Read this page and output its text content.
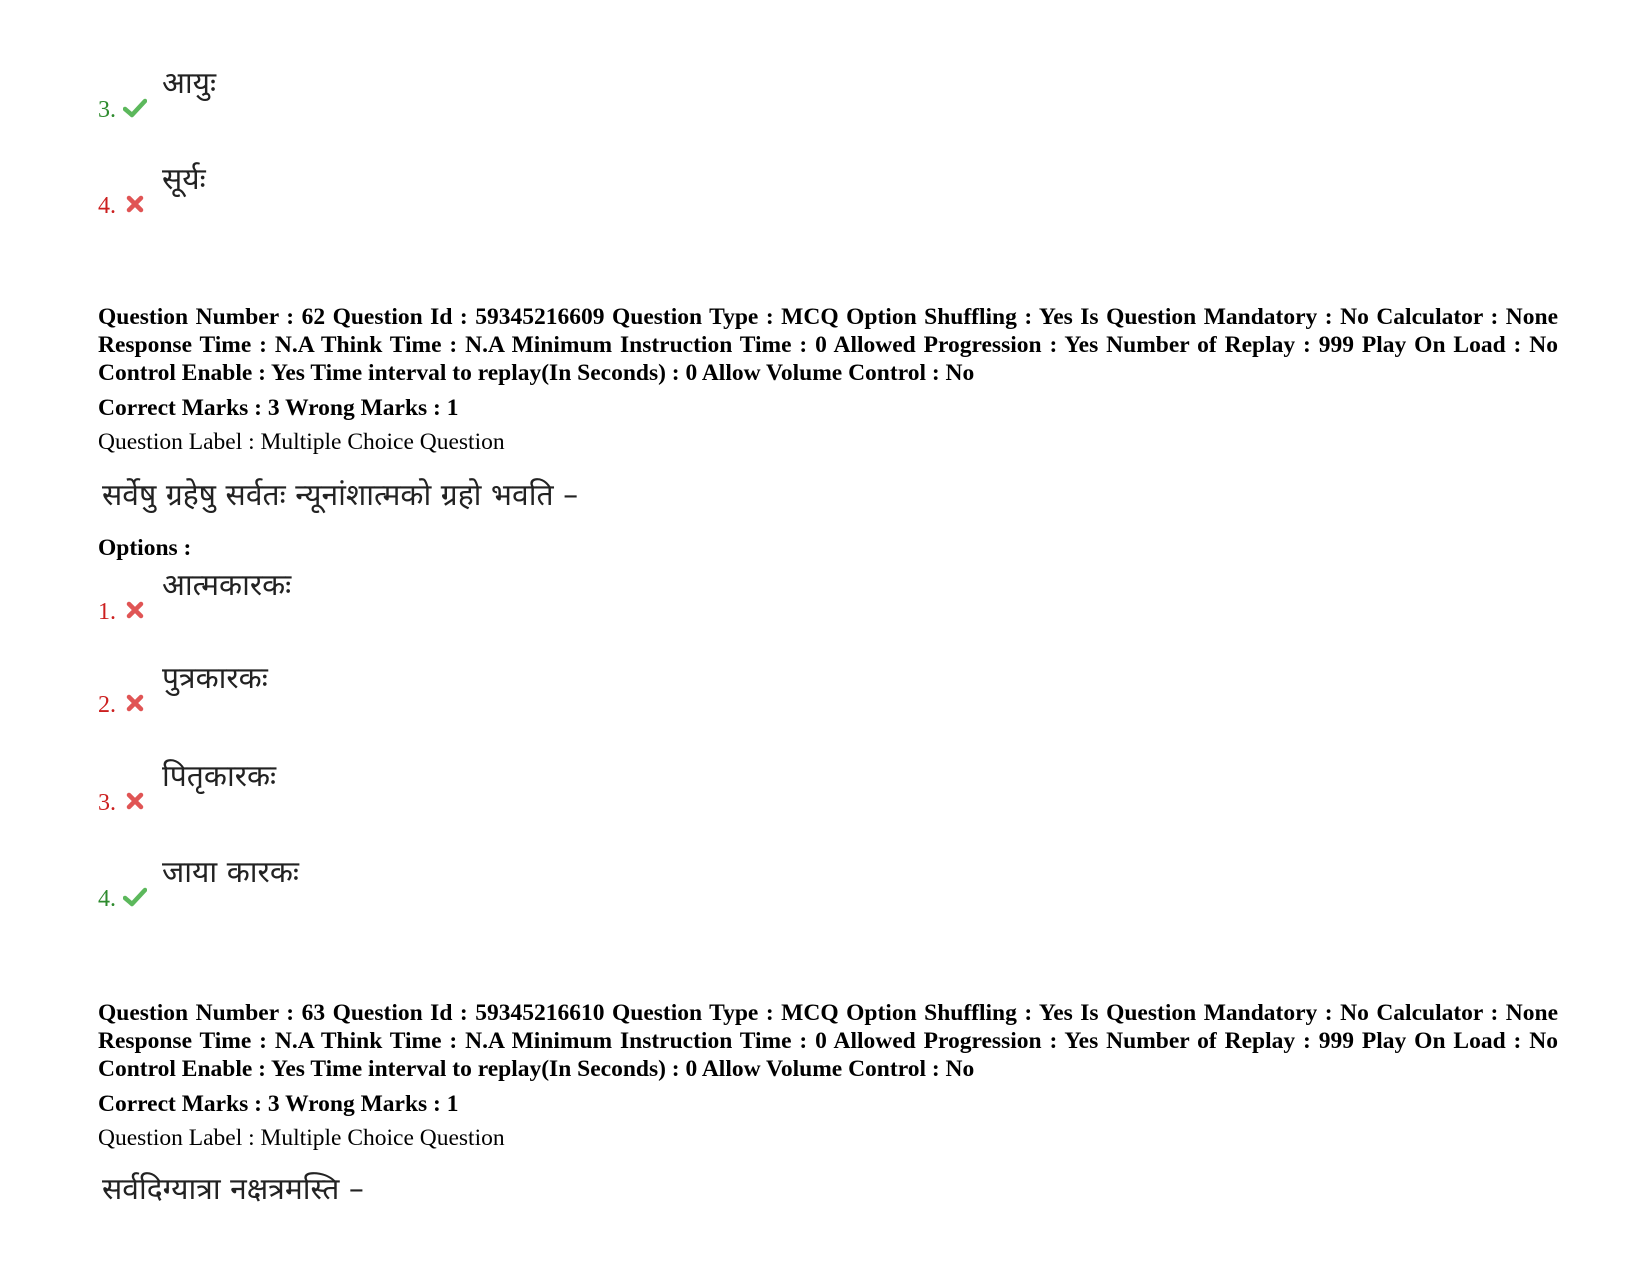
3.
आयुः
4.
सूर्यः
Question Number : 62 Question Id : 59345216609 Question Type : MCQ Option Shuffling : Yes Is Question Mandatory : No Calculator : None Response Time : N.A Think Time : N.A Minimum Instruction Time : 0 Allowed Progression : Yes Number of Replay : 999 Play On Load : No Control Enable : Yes Time interval to replay(In Seconds) : 0 Allow Volume Control : No
Correct Marks : 3 Wrong Marks : 1
Question Label : Multiple Choice Question
सर्वेषु ग्रहेषु सर्वतः न्यूनांशात्मको ग्रहो भवति –
Options :
1.
आत्मकारकः
2.
पुत्रकारकः
3.
पितृकारकः
4.
जाया कारकः
Question Number : 63 Question Id : 59345216610 Question Type : MCQ Option Shuffling : Yes Is Question Mandatory : No Calculator : None Response Time : N.A Think Time : N.A Minimum Instruction Time : 0 Allowed Progression : Yes Number of Replay : 999 Play On Load : No Control Enable : Yes Time interval to replay(In Seconds) : 0 Allow Volume Control : No
Correct Marks : 3 Wrong Marks : 1
Question Label : Multiple Choice Question
सर्वदिग्यात्रा नक्षत्रमस्ति –
